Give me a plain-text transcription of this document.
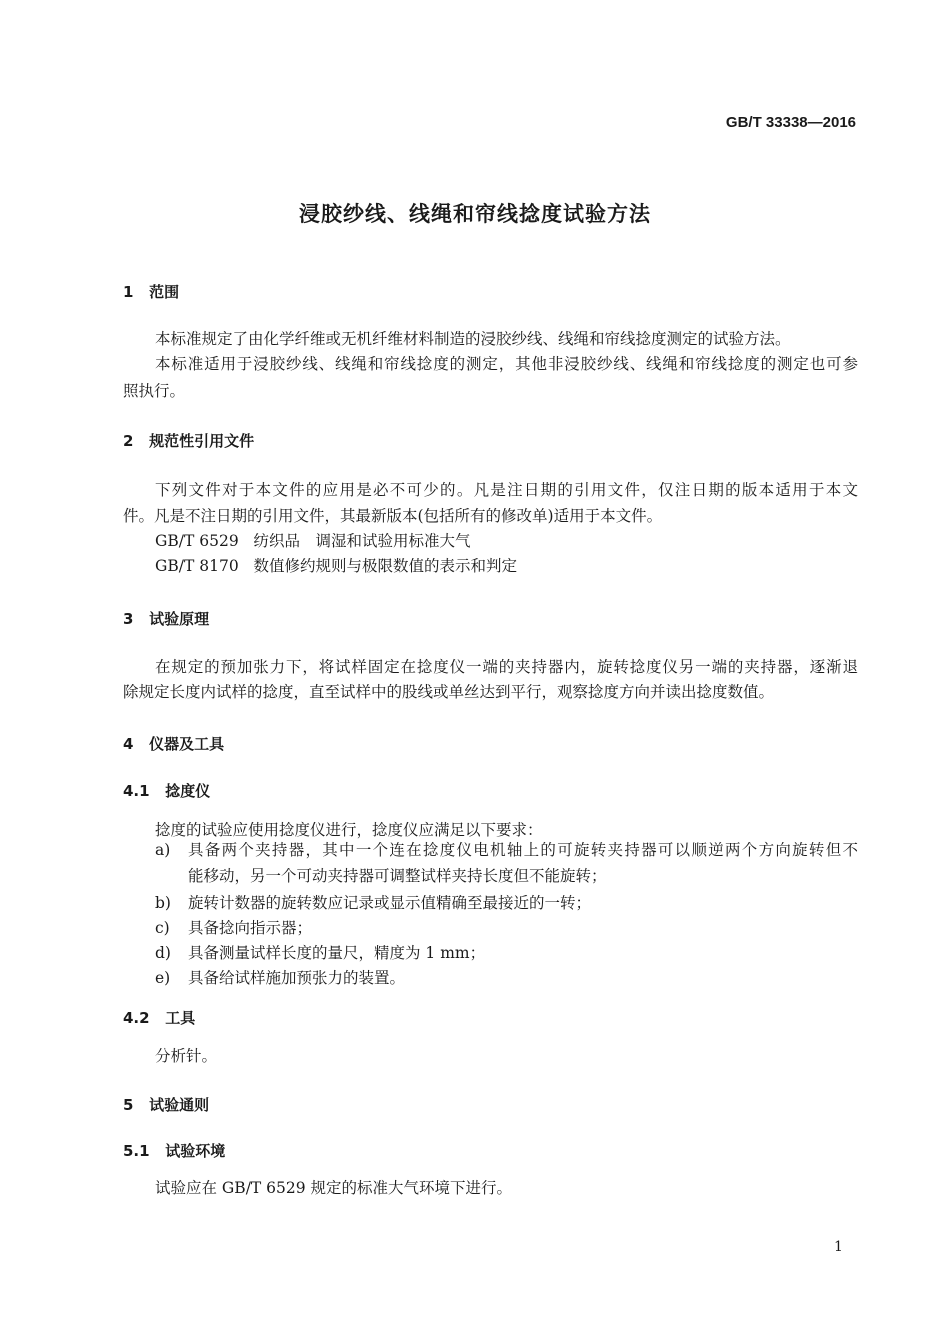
GB/T 33338—2016
浸胶纱线、线绳和帘线捻度试验方法
1 范围
本标准规定了由化学纤维或无机纤维材料制造的浸胶纱线、线绳和帘线捻度测定的试验方法。
本标准适用于浸胶纱线、线绳和帘线捻度的测定，其他非浸胶纱线、线绳和帘线捻度的测定也可参
照执行。
2 规范性引用文件
下列文件对于本文件的应用是必不可少的。凡是注日期的引用文件，仅注日期的版本适用于本文
件。凡是不注日期的引用文件，其最新版本(包括所有的修改单)适用于本文件。
GB/T 6529 纺织品　调湿和试验用标准大气
GB/T 8170 数值修约规则与极限数值的表示和判定
3 试验原理
在规定的预加张力下，将试样固定在捻度仪一端的夹持器内，旋转捻度仪另一端的夹持器，逐渐退
除规定长度内试样的捻度，直至试样中的股线或单丝达到平行，观察捻度方向并读出捻度数值。
4 仪器及工具
4.1 捻度仪
捻度的试验应使用捻度仪进行，捻度仪应满足以下要求：
a) 具备两个夹持器，其中一个连在捻度仪电机轴上的可旋转夹持器可以顺逆两个方向旋转但不
能移动，另一个可动夹持器可调整试样夹持长度但不能旋转；
b) 旋转计数器的旋转数应记录或显示值精确至最接近的一转；
c) 具备捻向指示器；
d) 具备测量试样长度的量尺，精度为 1 mm；
e) 具备给试样施加预张力的装置。
4.2 工具
分析针。
5 试验通则
5.1 试验环境
试验应在 GB/T 6529 规定的标准大气环境下进行。
1
